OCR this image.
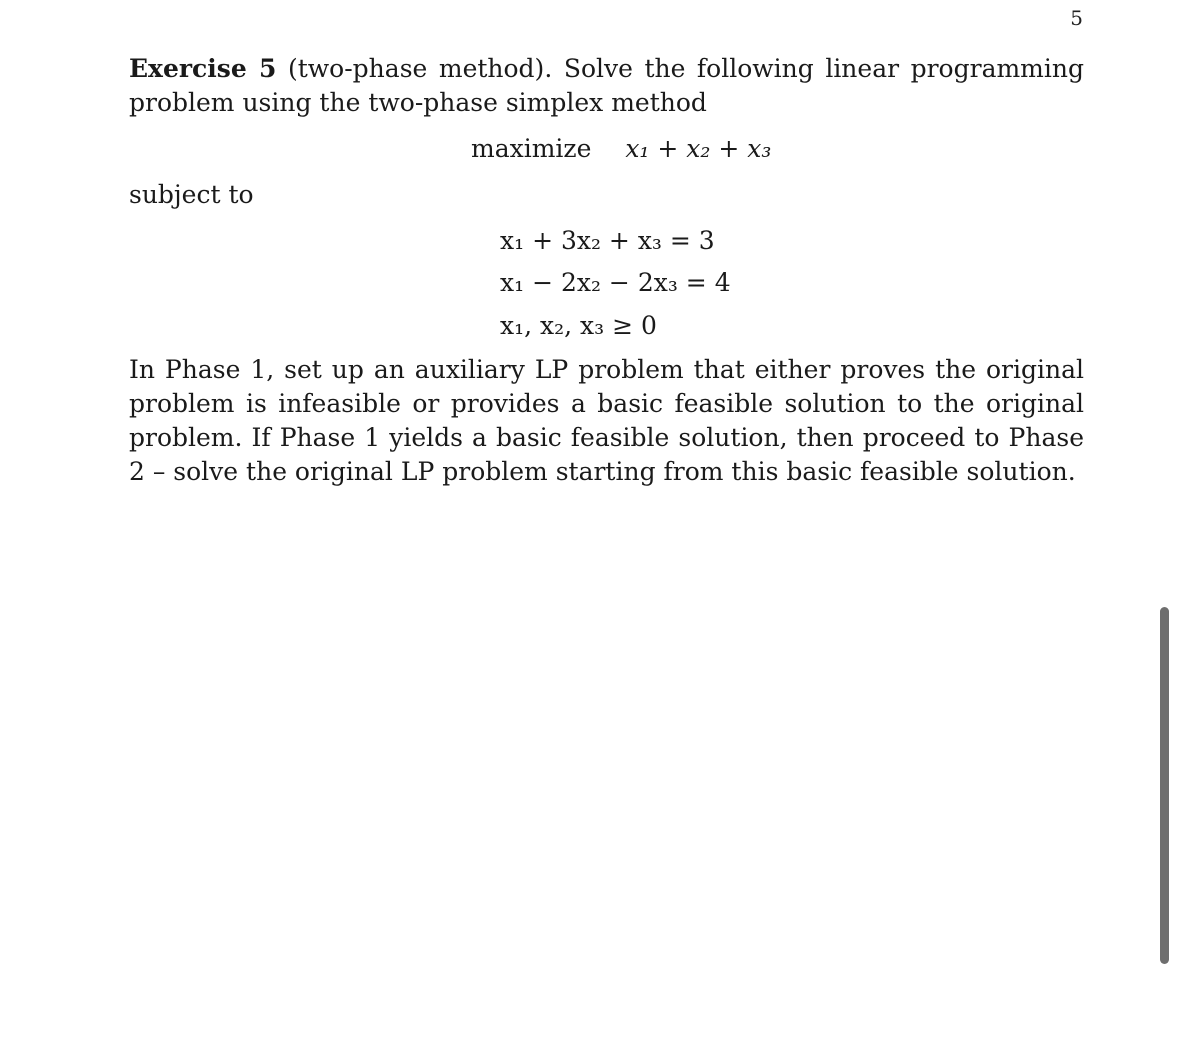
5
Exercise 5 (two-phase method). Solve the following linear programming problem using the two-phase simplex method
maximize x₁ + x₂ + x₃
subject to
x₁ + 3x₂ + x₃ = 3
x₁ − 2x₂ − 2x₃ = 4
x₁, x₂, x₃ ≥ 0
In Phase 1, set up an auxiliary LP problem that either proves the original problem is infeasible or provides a basic feasible solution to the original problem. If Phase 1 yields a basic feasible solution, then proceed to Phase 2 – solve the original LP problem starting from this basic feasible solution.
